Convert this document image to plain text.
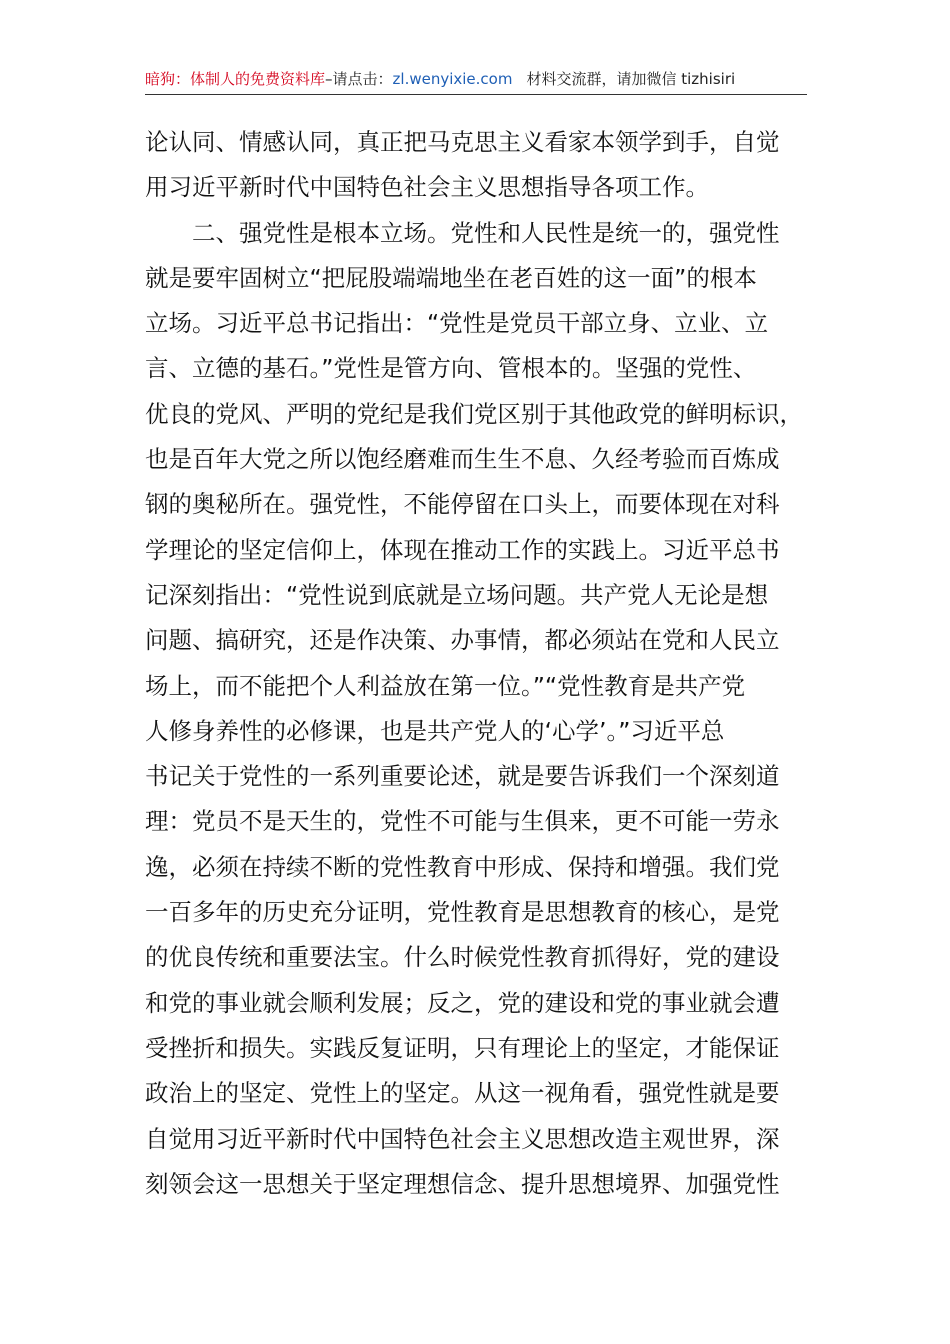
暗狗：体制人的免费资料库–请点击：zl.wenyixie.com 材料交流群，请加微信 tizhisiri
论认同、情感认同，真正把马克思主义看家本领学到手，自觉
用习近平新时代中国特色社会主义思想指导各项工作。
二、强党性是根本立场。党性和人民性是统一的，强党性
就是要牢固树立“把屁股端端地坐在老百姓的这一面”的根本
立场。习近平总书记指出：“党性是党员干部立身、立业、立
言、立德的基石。”党性是管方向、管根本的。坚强的党性、
优良的党风、严明的党纪是我们党区别于其他政党的鲜明标识，
也是百年大党之所以饱经磨难而生生不息、久经考验而百炼成
钢的奥秘所在。强党性，不能停留在口头上，而要体现在对科
学理论的坚定信仰上，体现在推动工作的实践上。习近平总书
记深刻指出：“党性说到底就是立场问题。共产党人无论是想
问题、搞研究，还是作决策、办事情，都必须站在党和人民立
场上，而不能把个人利益放在第一位。”“党性教育是共产党
人修身养性的必修课，也是共产党人的‘心学’。”习近平总
书记关于党性的一系列重要论述，就是要告诉我们一个深刻道
理：党员不是天生的，党性不可能与生俱来，更不可能一劳永
逸，必须在持续不断的党性教育中形成、保持和增强。我们党
一百多年的历史充分证明，党性教育是思想教育的核心，是党
的优良传统和重要法宝。什么时候党性教育抓得好，党的建设
和党的事业就会顺利发展；反之，党的建设和党的事业就会遭
受挫折和损失。实践反复证明，只有理论上的坚定，才能保证
政治上的坚定、党性上的坚定。从这一视角看，强党性就是要
自觉用习近平新时代中国特色社会主义思想改造主观世界，深
刻领会这一思想关于坚定理想信念、提升思想境界、加强党性
